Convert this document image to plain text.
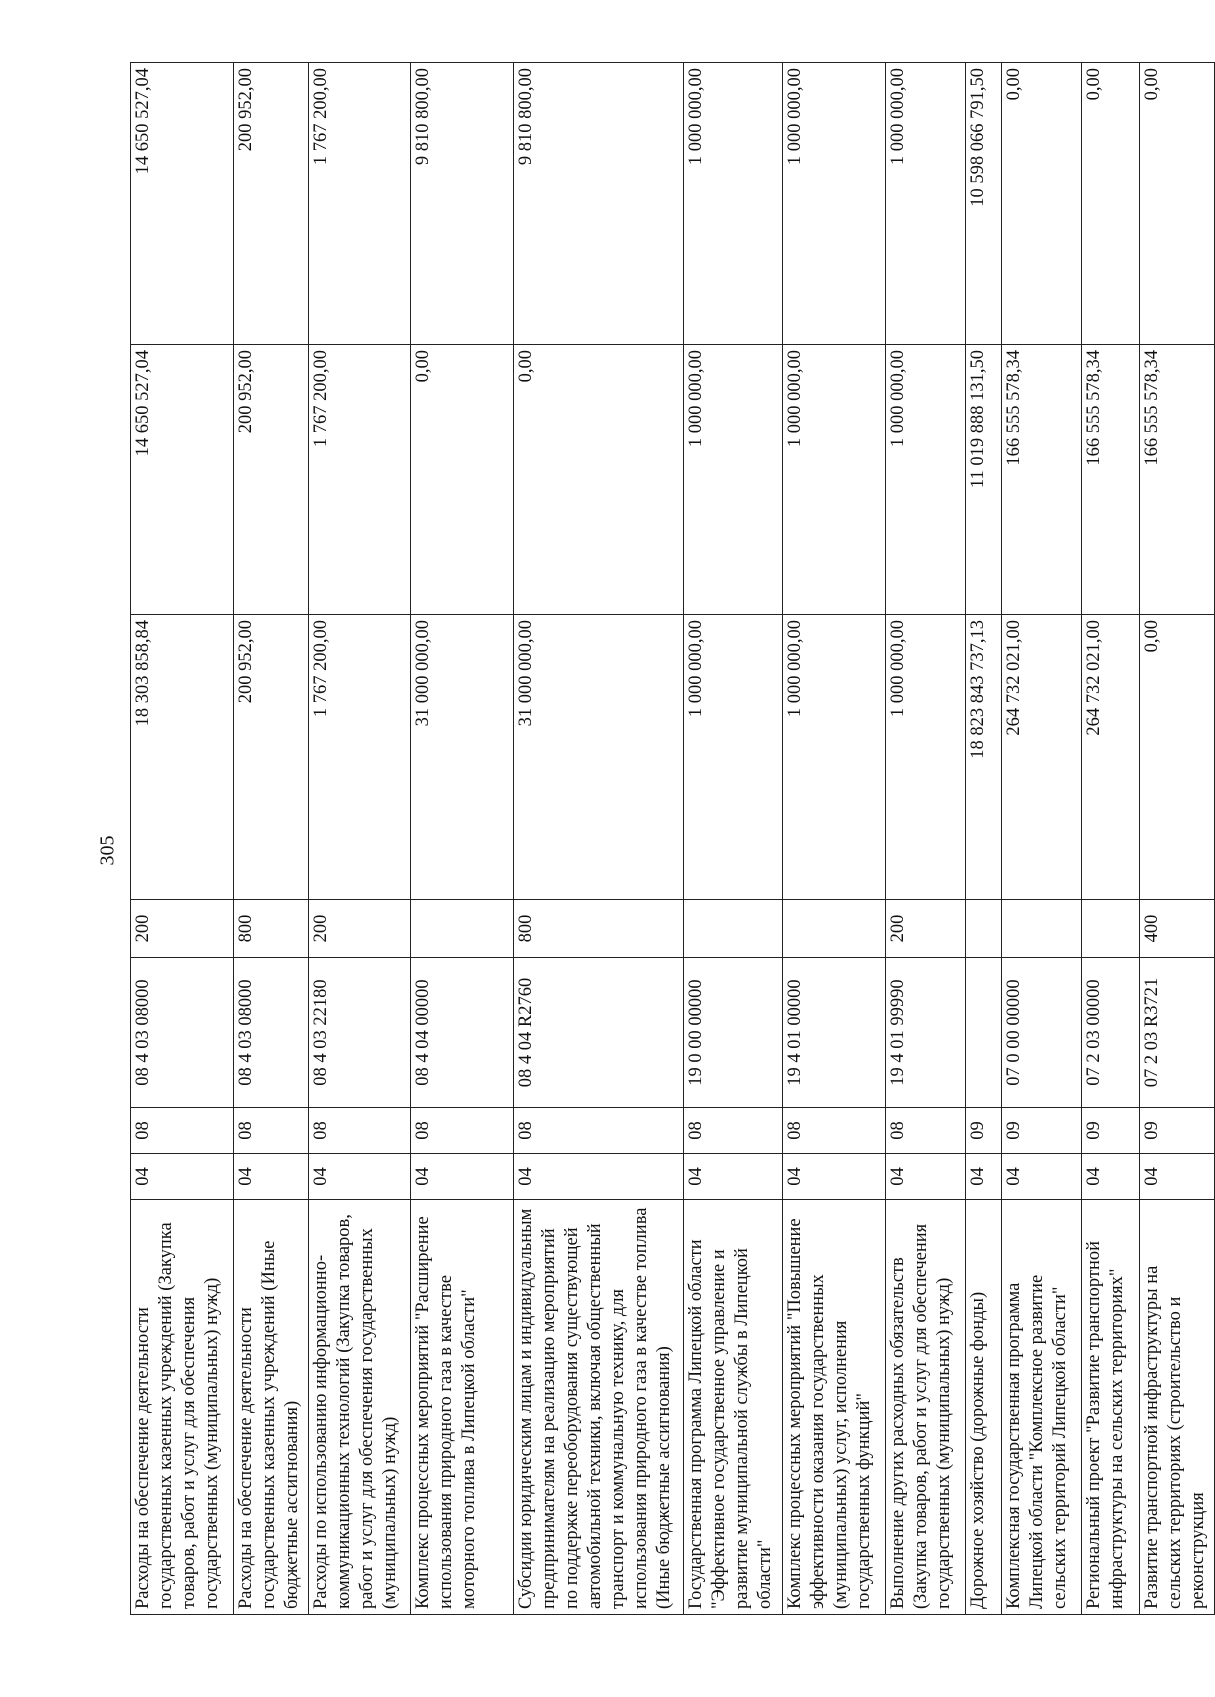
305
Расходы на обеспечение деятельности государственных казенных учреждений (Закупка товаров, работ и услуг для обеспечения государственных (муниципальных) нужд)	04	08	08 4 03 08000	200	18 303 858,84	14 650 527,04	14 650 527,04
Расходы на обеспечение деятельности государственных казенных учреждений (Иные бюджетные ассигнования)	04	08	08 4 03 08000	800	200 952,00	200 952,00	200 952,00
Расходы по использованию информационно-коммуникационных технологий (Закупка товаров, работ и услуг для обеспечения государственных (муниципальных) нужд)	04	08	08 4 03 22180	200	1 767 200,00	1 767 200,00	1 767 200,00
Комплекс процессных мероприятий "Расширение использования природного газа в качестве моторного топлива в Липецкой области"	04	08	08 4 04 00000		31 000 000,00	0,00	9 810 800,00
Субсидии юридическим лицам и индивидуальным предпринимателям на реализацию мероприятий по поддержке переоборудования существующей автомобильной техники, включая общественный транспорт и коммунальную технику, для использования природного газа в качестве топлива (Иные бюджетные ассигнования)	04	08	08 4 04 R2760	800	31 000 000,00	0,00	9 810 800,00
Государственная программа Липецкой области "Эффективное государственное управление и развитие муниципальной службы в Липецкой области"	04	08	19 0 00 00000		1 000 000,00	1 000 000,00	1 000 000,00
Комплекс процессных мероприятий "Повышение эффективности оказания государственных (муниципальных) услуг, исполнения государственных функций"	04	08	19 4 01 00000		1 000 000,00	1 000 000,00	1 000 000,00
Выполнение других расходных обязательств (Закупка товаров, работ и услуг для обеспечения государственных (муниципальных) нужд)	04	08	19 4 01 99990	200	1 000 000,00	1 000 000,00	1 000 000,00
Дорожное хозяйство (дорожные фонды)	04	09			18 823 843 737,13	11 019 888 131,50	10 598 066 791,50
Комплексная государственная программа Липецкой области "Комплексное развитие сельских территорий Липецкой области"	04	09	07 0 00 00000		264 732 021,00	166 555 578,34	0,00
Региональный проект "Развитие транспортной инфраструктуры на сельских территориях"	04	09	07 2 03 00000		264 732 021,00	166 555 578,34	0,00
Развитие транспортной инфраструктуры на сельских территориях (строительство и реконструкция	04	09	07 2 03 R3721	400	0,00	166 555 578,34	0,00
